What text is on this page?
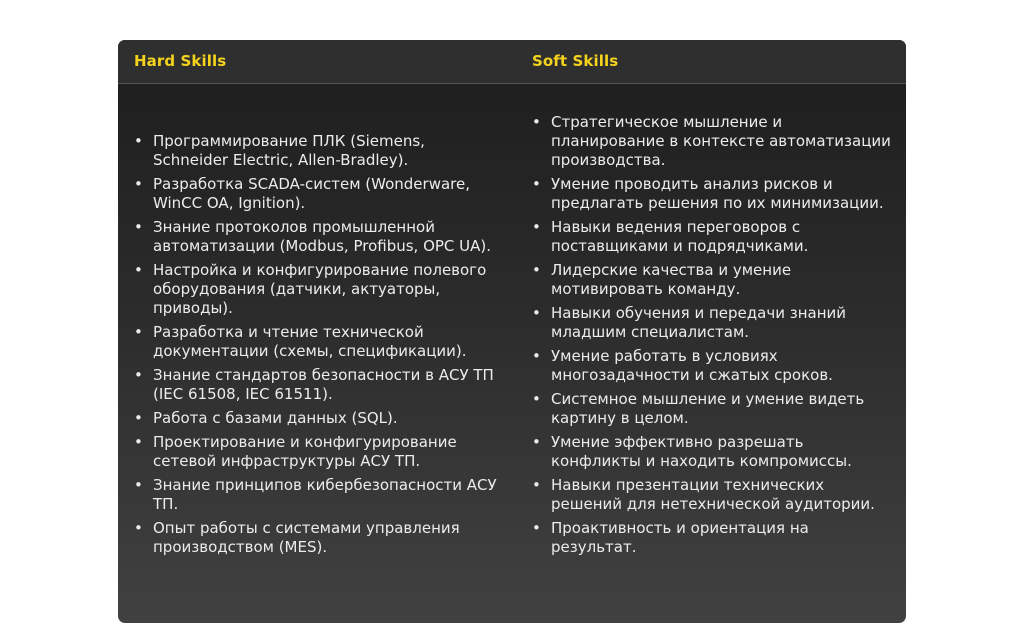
Hard Skills	Soft Skills
• Программирование ПЛК (Siemens, Schneider Electric, Allen-Bradley).
• Разработка SCADA-систем (Wonderware, WinCC OA, Ignition).
• Знание протоколов промышленной автоматизации (Modbus, Profibus, OPC UA).
• Настройка и конфигурирование полевого оборудования (датчики, актуаторы, приводы).
• Разработка и чтение технической документации (схемы, спецификации).
• Знание стандартов безопасности в АСУ ТП (IEC 61508, IEC 61511).
• Работа с базами данных (SQL).
• Проектирование и конфигурирование сетевой инфраструктуры АСУ ТП.
• Знание принципов кибербезопасности АСУ ТП.
• Опыт работы с системами управления производством (MES).
• Стратегическое мышление и планирование в контексте автоматизации производства.
• Умение проводить анализ рисков и предлагать решения по их минимизации.
• Навыки ведения переговоров с поставщиками и подрядчиками.
• Лидерские качества и умение мотивировать команду.
• Навыки обучения и передачи знаний младшим специалистам.
• Умение работать в условиях многозадачности и сжатых сроков.
• Системное мышление и умение видеть картину в целом.
• Умение эффективно разрешать конфликты и находить компромиссы.
• Навыки презентации технических решений для нетехнической аудитории.
• Проактивность и ориентация на результат.
